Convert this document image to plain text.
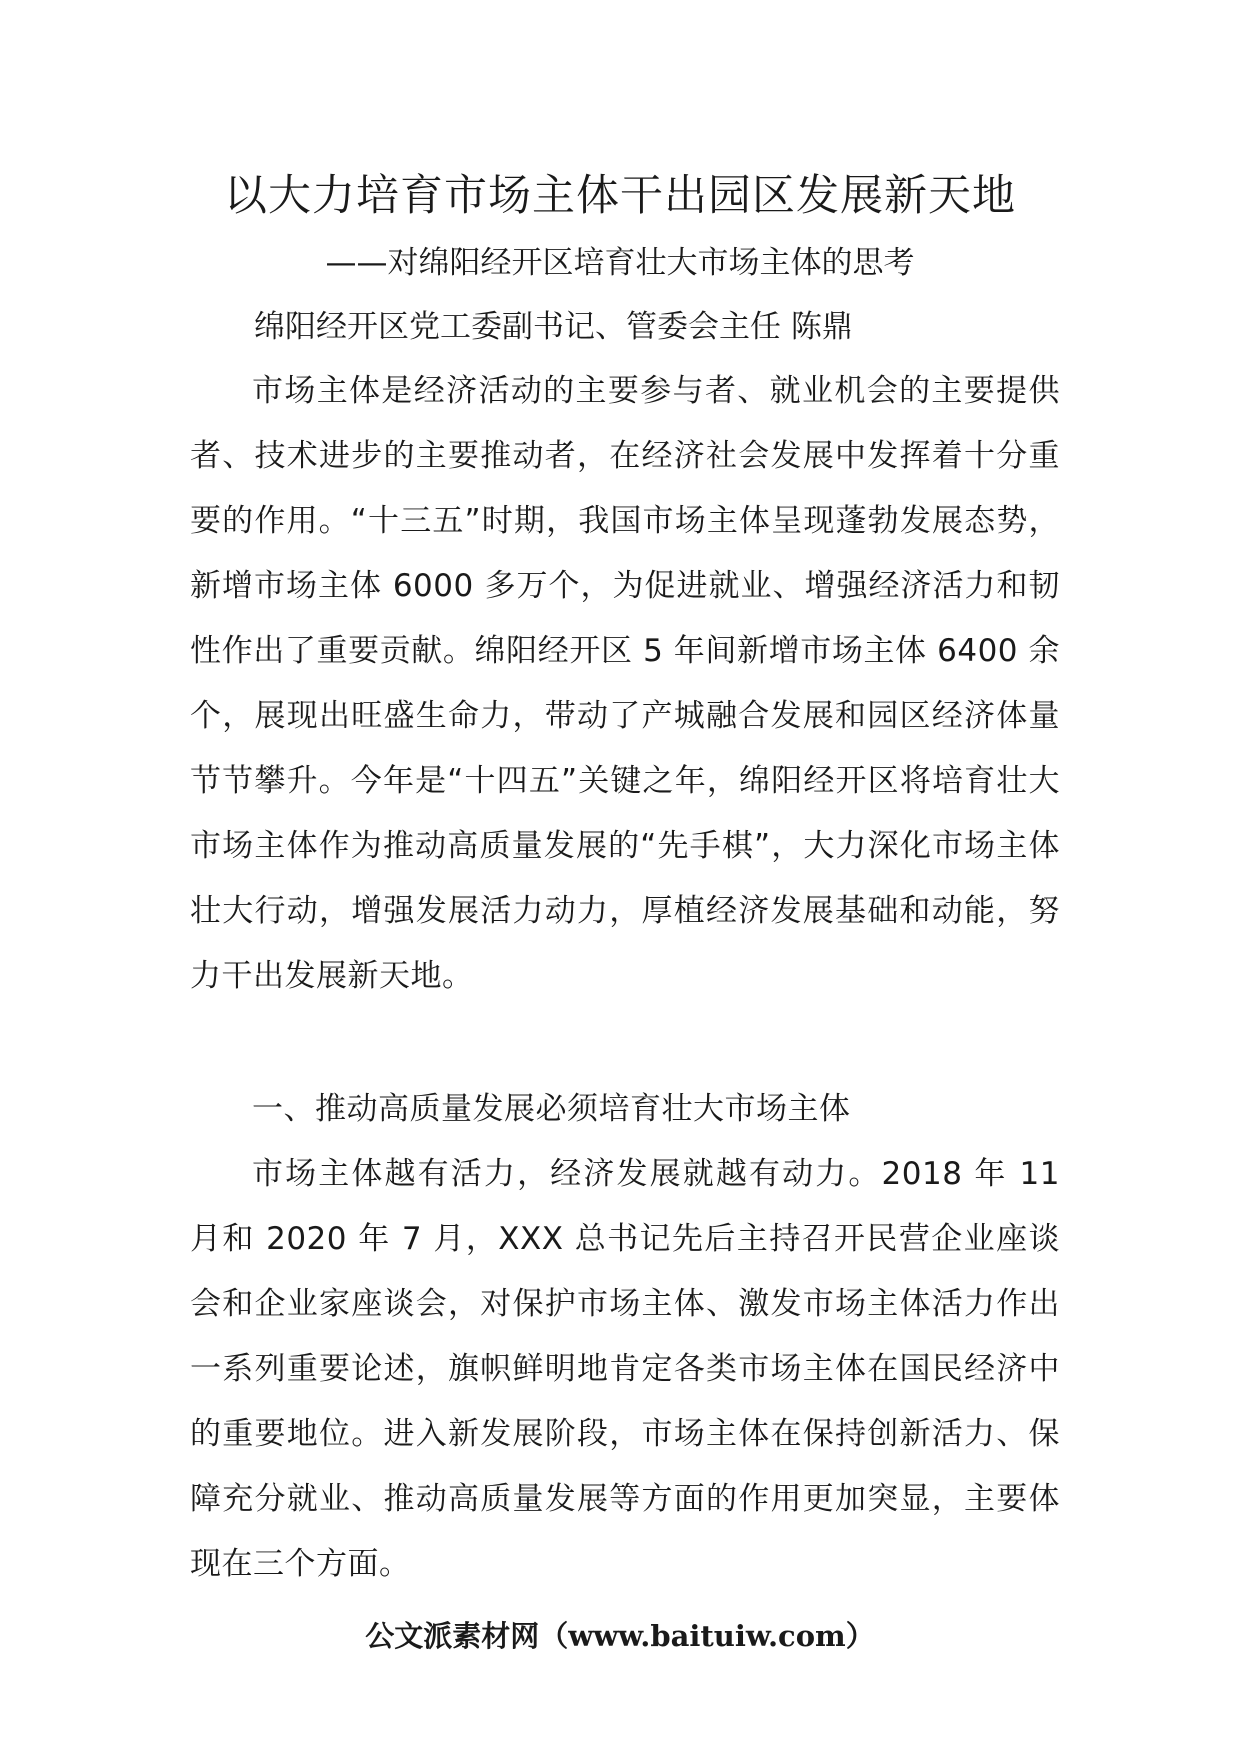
以大力培育市场主体干出园区发展新天地

——对绵阳经开区培育壮大市场主体的思考

绵阳经开区党工委副书记、管委会主任 陈鼎

市场主体是经济活动的主要参与者、就业机会的主要提供者、技术进步的主要推动者，在经济社会发展中发挥着十分重要的作用。“十三五”时期，我国市场主体呈现蓬勃发展态势，新增市场主体 6000 多万个，为促进就业、增强经济活力和韧性作出了重要贡献。绵阳经开区 5 年间新增市场主体 6400 余个，展现出旺盛生命力，带动了产城融合发展和园区经济体量节节攀升。今年是“十四五”关键之年，绵阳经开区将培育壮大市场主体作为推动高质量发展的“先手棋”，大力深化市场主体壮大行动，增强发展活力动力，厚植经济发展基础和动能，努力干出发展新天地。

一、推动高质量发展必须培育壮大市场主体

市场主体越有活力，经济发展就越有动力。2018 年 11 月和 2020 年 7 月，XXX 总书记先后主持召开民营企业座谈会和企业家座谈会，对保护市场主体、激发市场主体活力作出一系列重要论述，旗帜鲜明地肯定各类市场主体在国民经济中的重要地位。进入新发展阶段，市场主体在保持创新活力、保障充分就业、推动高质量发展等方面的作用更加突显，主要体现在三个方面。

公文派素材网（www.baituiw.com）
